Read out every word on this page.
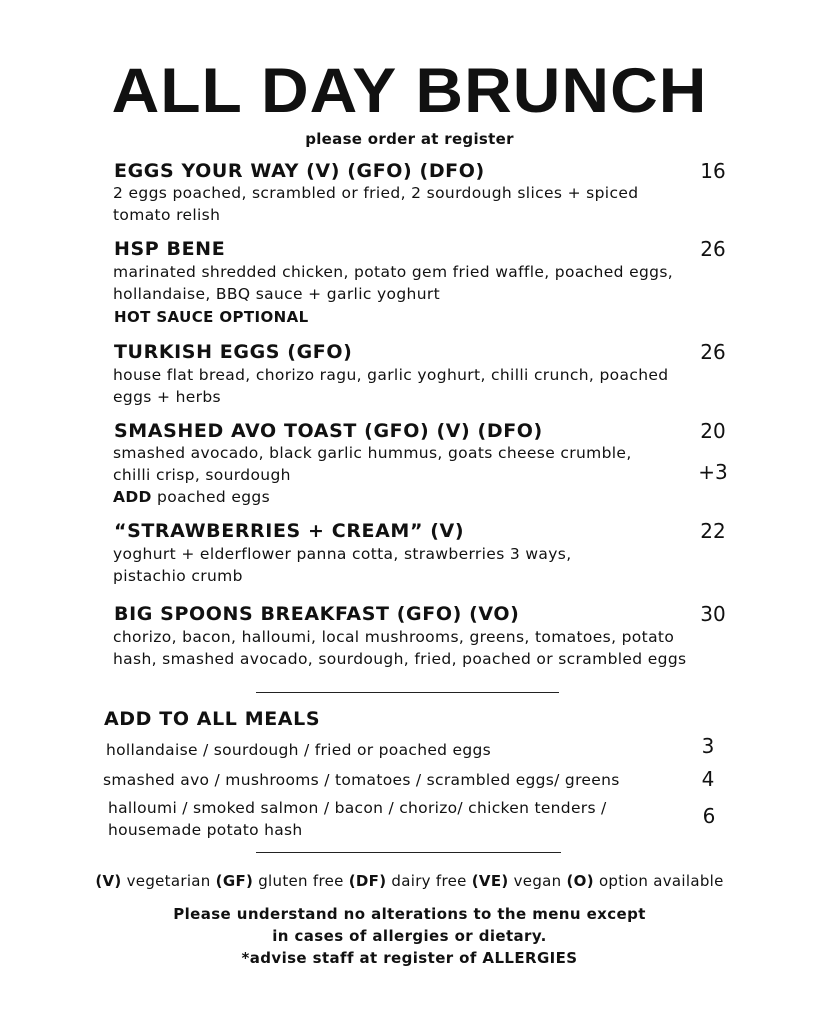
ALL DAY BRUNCH
please order at register
EGGS YOUR WAY (V) (GFO) (DFO)	16
2 eggs poached, scrambled or fried, 2 sourdough slices + spiced
tomato relish
HSP BENE	26
marinated shredded chicken, potato gem fried waffle, poached eggs,
hollandaise, BBQ sauce + garlic yoghurt
HOT SAUCE OPTIONAL
TURKISH EGGS (GFO)	26
house flat bread, chorizo ragu, garlic yoghurt, chilli crunch, poached
eggs + herbs
SMASHED AVO TOAST (GFO) (V) (DFO)	20
smashed avocado, black garlic hummus, goats cheese crumble,
chilli crisp, sourdough
ADD poached eggs
+3
“STRAWBERRIES + CREAM” (V)	22
yoghurt + elderflower panna cotta, strawberries 3 ways,
pistachio crumb
BIG SPOONS BREAKFAST (GFO) (VO)	30
chorizo, bacon, halloumi, local mushrooms, greens, tomatoes, potato
hash, smashed avocado, sourdough, fried, poached or scrambled eggs
ADD TO ALL MEALS
hollandaise / sourdough / fried or poached eggs	3
smashed avo / mushrooms / tomatoes / scrambled eggs/ greens	4
halloumi / smoked salmon / bacon / chorizo/ chicken tenders /
housemade potato hash
6
(V) vegetarian (GF) gluten free (DF) dairy free (VE) vegan (O) option available
Please understand no alterations to the menu except
in cases of allergies or dietary.
*advise staff at register of ALLERGIES
